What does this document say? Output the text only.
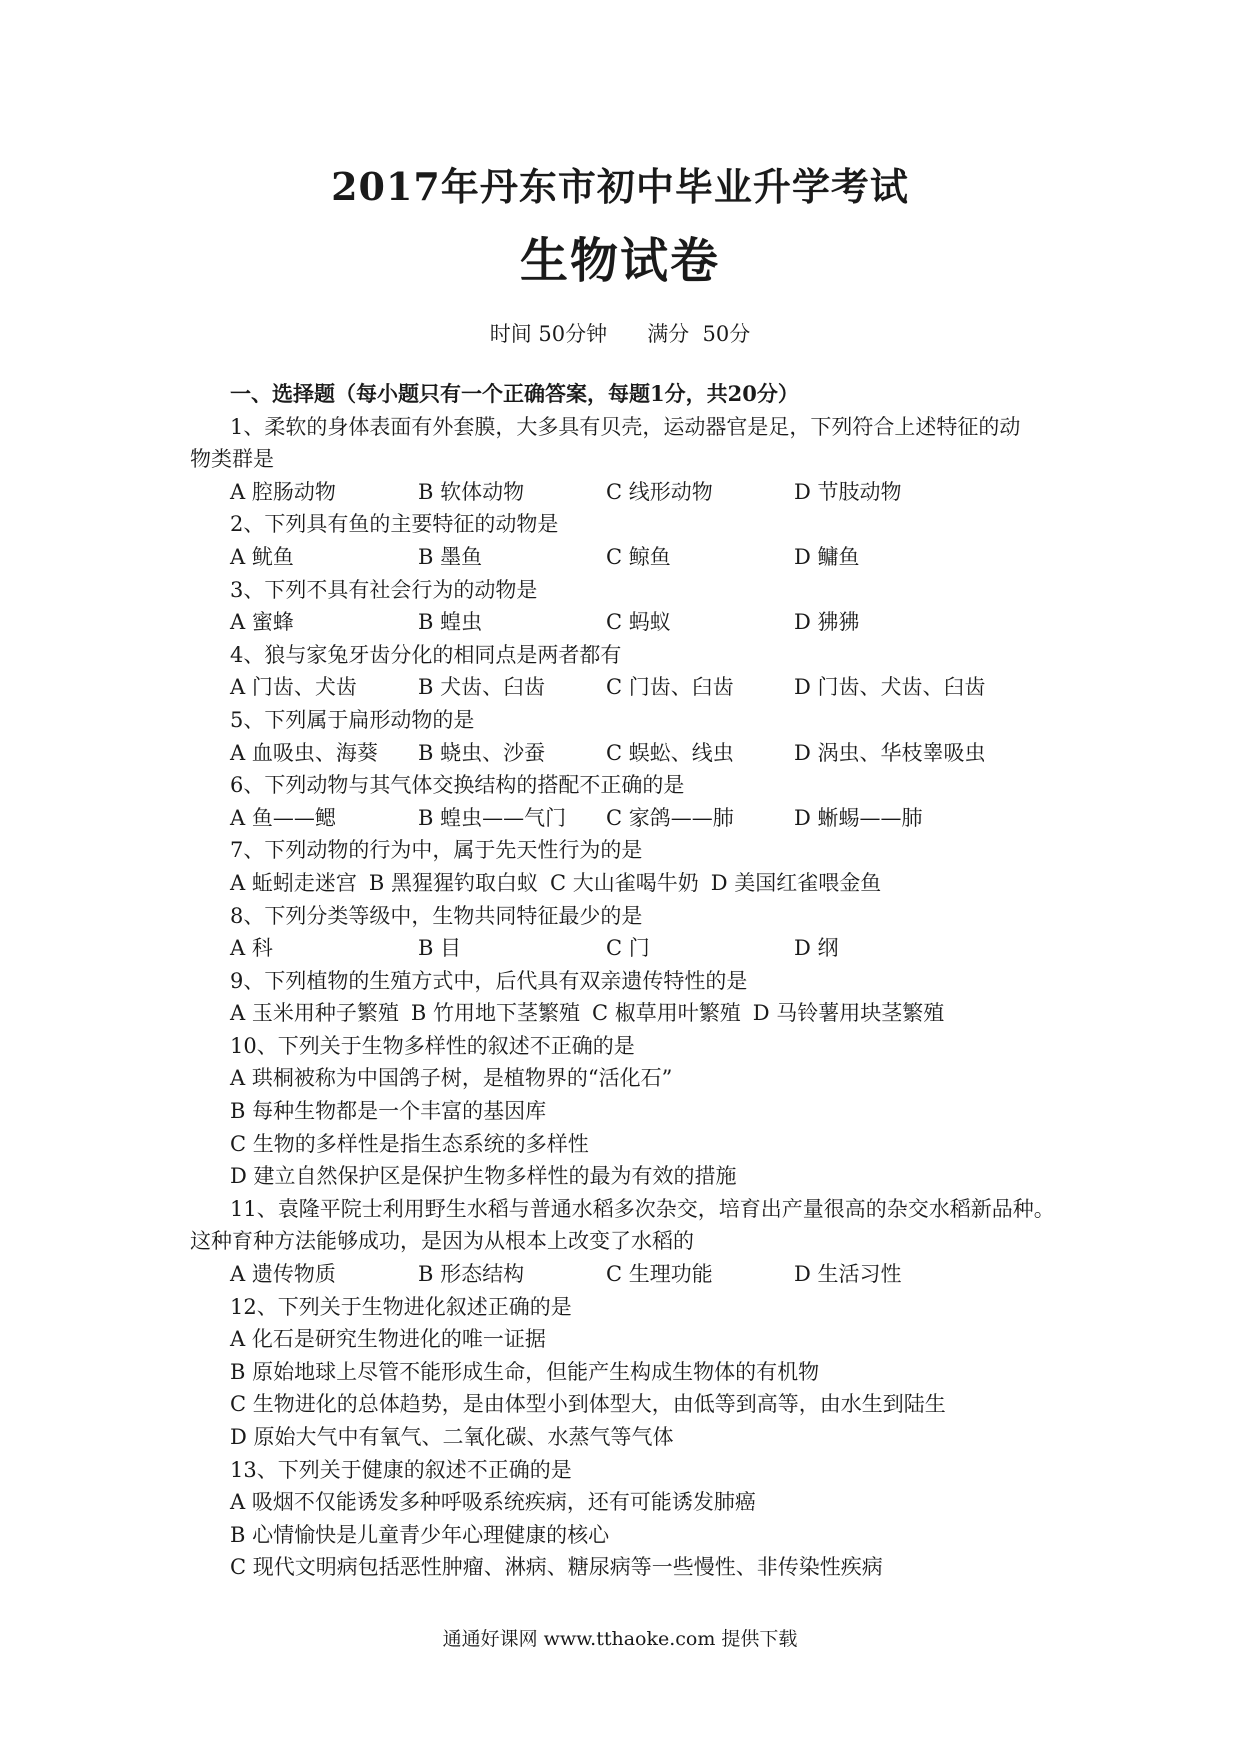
2017年丹东市初中毕业升学考试
生物试卷
时间 50分钟 满分  50分
一、选择题（每小题只有一个正确答案，每题1分，共20分）
1、柔软的身体表面有外套膜，大多具有贝壳，运动器官是足，下列符合上述特征的动
物类群是
A 腔肠动物	B 软体动物	C 线形动物	D 节肢动物
2、下列具有鱼的主要特征的动物是
A 鱿鱼	B 墨鱼	C 鲸鱼	D 鳙鱼
3、下列不具有社会行为的动物是
A 蜜蜂	B 蝗虫	C 蚂蚁	D 狒狒
4、狼与家兔牙齿分化的相同点是两者都有
A 门齿、犬齿	B 犬齿、臼齿	C 门齿、臼齿	D 门齿、犬齿、臼齿
5、下列属于扁形动物的是
A 血吸虫、海葵	B 蛲虫、沙蚕	C 蜈蚣、线虫	D 涡虫、华枝睾吸虫
6、下列动物与其气体交换结构的搭配不正确的是
A 鱼——鳃	B 蝗虫——气门	C 家鸽——肺	D 蜥蜴——肺
7、下列动物的行为中，属于先天性行为的是
A 蚯蚓走迷宫 B 黑猩猩钓取白蚁 C 大山雀喝牛奶 D 美国红雀喂金鱼
8、下列分类等级中，生物共同特征最少的是
A 科	B 目	C 门	D 纲
9、下列植物的生殖方式中，后代具有双亲遗传特性的是
A 玉米用种子繁殖 B 竹用地下茎繁殖 C 椒草用叶繁殖 D 马铃薯用块茎繁殖
10、下列关于生物多样性的叙述不正确的是
A 珙桐被称为中国鸽子树，是植物界的“活化石”
B 每种生物都是一个丰富的基因库
C 生物的多样性是指生态系统的多样性
D 建立自然保护区是保护生物多样性的最为有效的措施
11、袁隆平院士利用野生水稻与普通水稻多次杂交，培育出产量很高的杂交水稻新品种。
这种育种方法能够成功，是因为从根本上改变了水稻的
A 遗传物质	B 形态结构	C 生理功能	D 生活习性
12、下列关于生物进化叙述正确的是
A 化石是研究生物进化的唯一证据
B 原始地球上尽管不能形成生命，但能产生构成生物体的有机物
C 生物进化的总体趋势，是由体型小到体型大，由低等到高等，由水生到陆生
D 原始大气中有氧气、二氧化碳、水蒸气等气体
13、下列关于健康的叙述不正确的是
A 吸烟不仅能诱发多种呼吸系统疾病，还有可能诱发肺癌
B 心情愉快是儿童青少年心理健康的核心
C 现代文明病包括恶性肿瘤、淋病、糖尿病等一些慢性、非传染性疾病
通通好课网 www.tthaoke.com 提供下载
